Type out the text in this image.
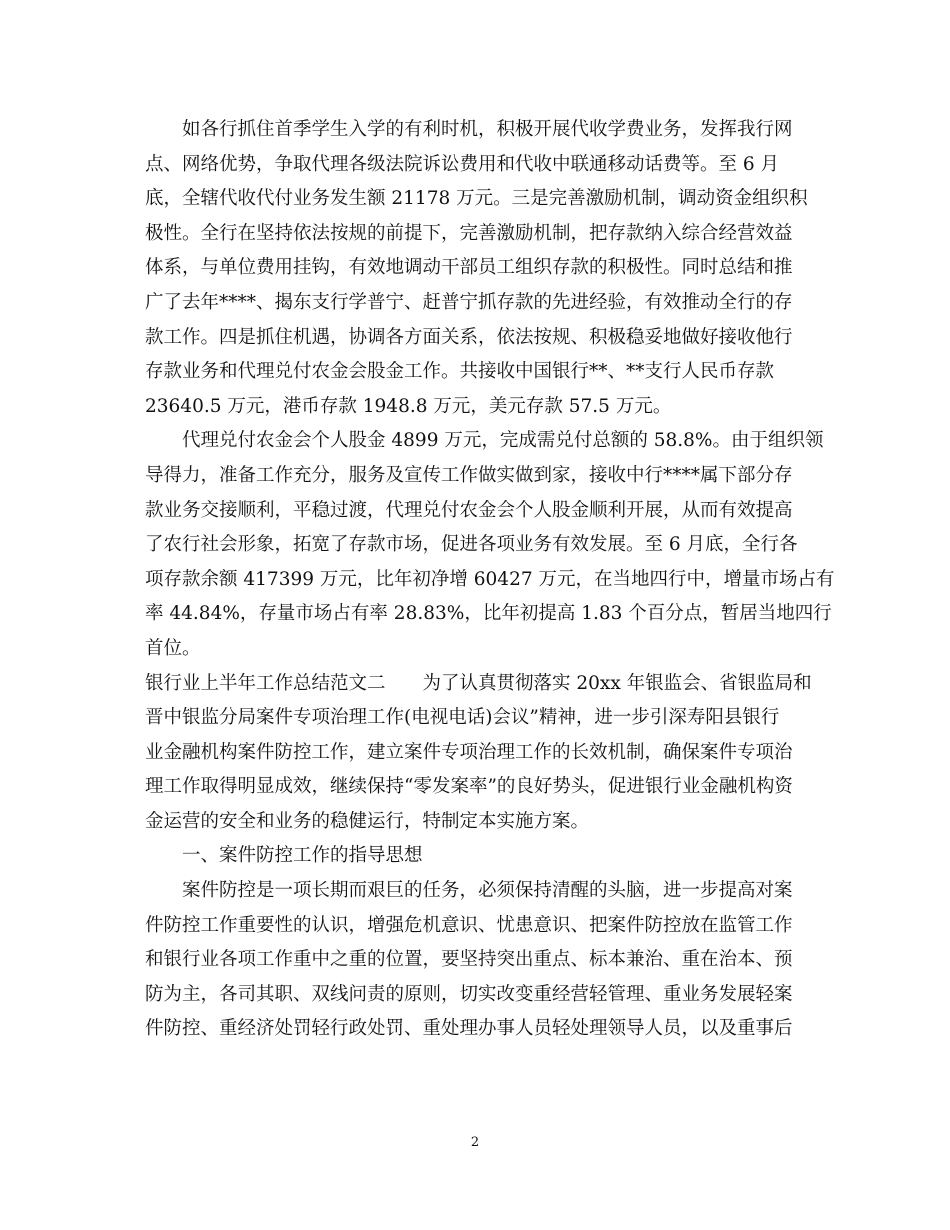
如各行抓住首季学生入学的有利时机，积极开展代收学费业务，发挥我行网
点、网络优势，争取代理各级法院诉讼费用和代收中联通移动话费等。至 6 月
底，全辖代收代付业务发生额 21178 万元。三是完善激励机制，调动资金组织积
极性。全行在坚持依法按规的前提下，完善激励机制，把存款纳入综合经营效益
体系，与单位费用挂钩，有效地调动干部员工组织存款的积极性。同时总结和推
广了去年****、揭东支行学普宁、赶普宁抓存款的先进经验，有效推动全行的存
款工作。四是抓住机遇，协调各方面关系，依法按规、积极稳妥地做好接收他行
存款业务和代理兑付农金会股金工作。共接收中国银行**、**支行人民币存款
23640.5 万元，港币存款 1948.8 万元，美元存款 57.5 万元。
代理兑付农金会个人股金 4899 万元，完成需兑付总额的 58.8%。由于组织领
导得力，准备工作充分，服务及宣传工作做实做到家，接收中行****属下部分存
款业务交接顺利，平稳过渡，代理兑付农金会个人股金顺利开展，从而有效提高
了农行社会形象，拓宽了存款市场，促进各项业务有效发展。至 6 月底，全行各
项存款余额 417399 万元，比年初净增 60427 万元，在当地四行中，增量市场占有
率 44.84%，存量市场占有率 28.83%，比年初提高 1.83 个百分点，暂居当地四行
首位。
银行业上半年工作总结范文二　　为了认真贯彻落实 20xx 年银监会、省银监局和
晋中银监分局案件专项治理工作(电视电话)会议”精神，进一步引深寿阳县银行
业金融机构案件防控工作，建立案件专项治理工作的长效机制，确保案件专项治
理工作取得明显成效，继续保持“零发案率”的良好势头，促进银行业金融机构资
金运营的安全和业务的稳健运行，特制定本实施方案。
一、案件防控工作的指导思想
案件防控是一项长期而艰巨的任务，必须保持清醒的头脑，进一步提高对案
件防控工作重要性的认识，增强危机意识、忧患意识、把案件防控放在监管工作
和银行业各项工作重中之重的位置，要坚持突出重点、标本兼治、重在治本、预
防为主，各司其职、双线问责的原则，切实改变重经营轻管理、重业务发展轻案
件防控、重经济处罚轻行政处罚、重处理办事人员轻处理领导人员，以及重事后
2
